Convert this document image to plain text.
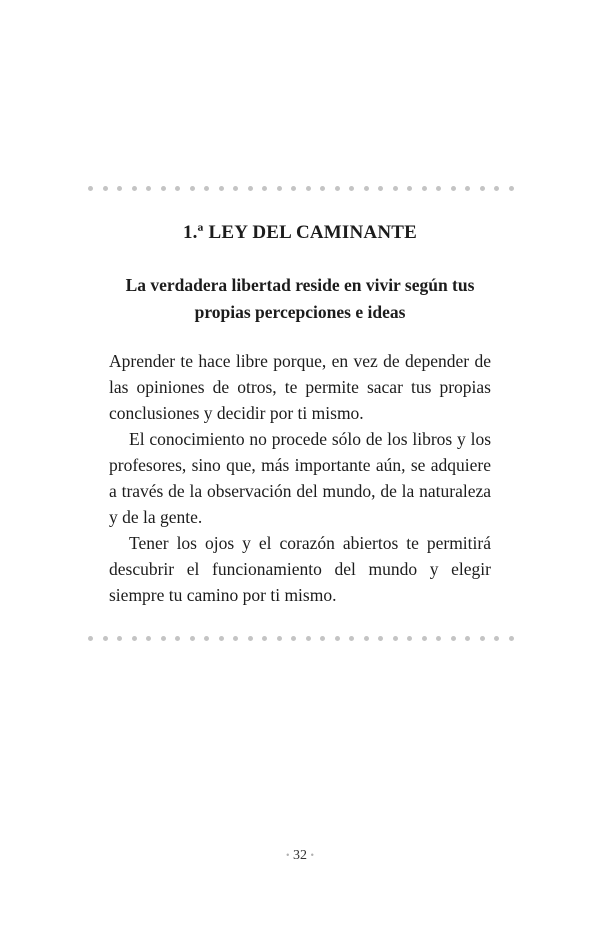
1.ª LEY DEL CAMINANTE
La verdadera libertad reside en vivir según tus propias percepciones e ideas

Aprender te hace libre porque, en vez de depender de las opiniones de otros, te permite sacar tus propias conclusiones y decidir por ti mismo.

El conocimiento no procede sólo de los libros y los profesores, sino que, más importante aún, se adquiere a través de la observación del mundo, de la naturaleza y de la gente.

Tener los ojos y el corazón abiertos te permitirá descubrir el funcionamiento del mundo y elegir siempre tu camino por ti mismo.

• 32 •
